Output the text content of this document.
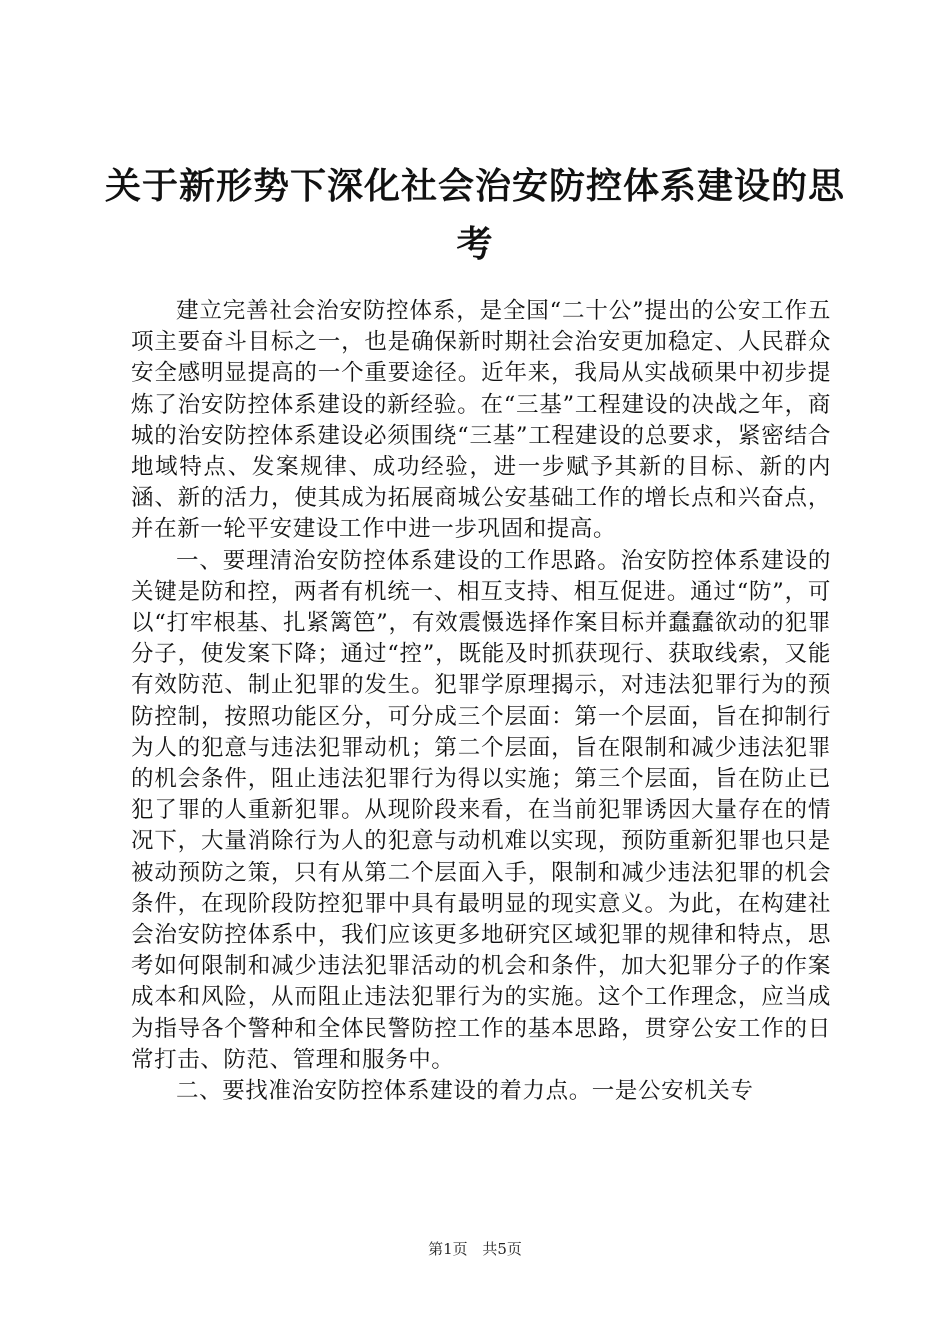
关于新形势下深化社会治安防控体系建设的思考

建立完善社会治安防控体系，是全国“二十公”提出的公安工作五项主要奋斗目标之一，也是确保新时期社会治安更加稳定、人民群众安全感明显提高的一个重要途径。近年来，我局从实战硕果中初步提炼了治安防控体系建设的新经验。在“三基”工程建设的决战之年，商城的治安防控体系建设必须围绕“三基”工程建设的总要求，紧密结合地域特点、发案规律、成功经验，进一步赋予其新的目标、新的内涵、新的活力，使其成为拓展商城公安基础工作的增长点和兴奋点，并在新一轮平安建设工作中进一步巩固和提高。

一、要理清治安防控体系建设的工作思路。治安防控体系建设的关键是防和控，两者有机统一、相互支持、相互促进。通过“防”，可以“打牢根基、扎紧篱笆”，有效震慑选择作案目标并蠢蠢欲动的犯罪分子，使发案下降；通过“控”，既能及时抓获现行、获取线索，又能有效防范、制止犯罪的发生。犯罪学原理揭示，对违法犯罪行为的预防控制，按照功能区分，可分成三个层面：第一个层面，旨在抑制行为人的犯意与违法犯罪动机；第二个层面，旨在限制和减少违法犯罪的机会条件，阻止违法犯罪行为得以实施；第三个层面，旨在防止已犯了罪的人重新犯罪。从现阶段来看，在当前犯罪诱因大量存在的情况下，大量消除行为人的犯意与动机难以实现，预防重新犯罪也只是被动预防之策，只有从第二个层面入手，限制和减少违法犯罪的机会条件，在现阶段防控犯罪中具有最明显的现实意义。为此，在构建社会治安防控体系中，我们应该更多地研究区域犯罪的规律和特点，思考如何限制和减少违法犯罪活动的机会和条件，加大犯罪分子的作案成本和风险，从而阻止违法犯罪行为的实施。这个工作理念，应当成为指导各个警种和全体民警防控工作的基本思路，贯穿公安工作的日常打击、防范、管理和服务中。

二、要找准治安防控体系建设的着力点。一是公安机关专

第1页 共5页
